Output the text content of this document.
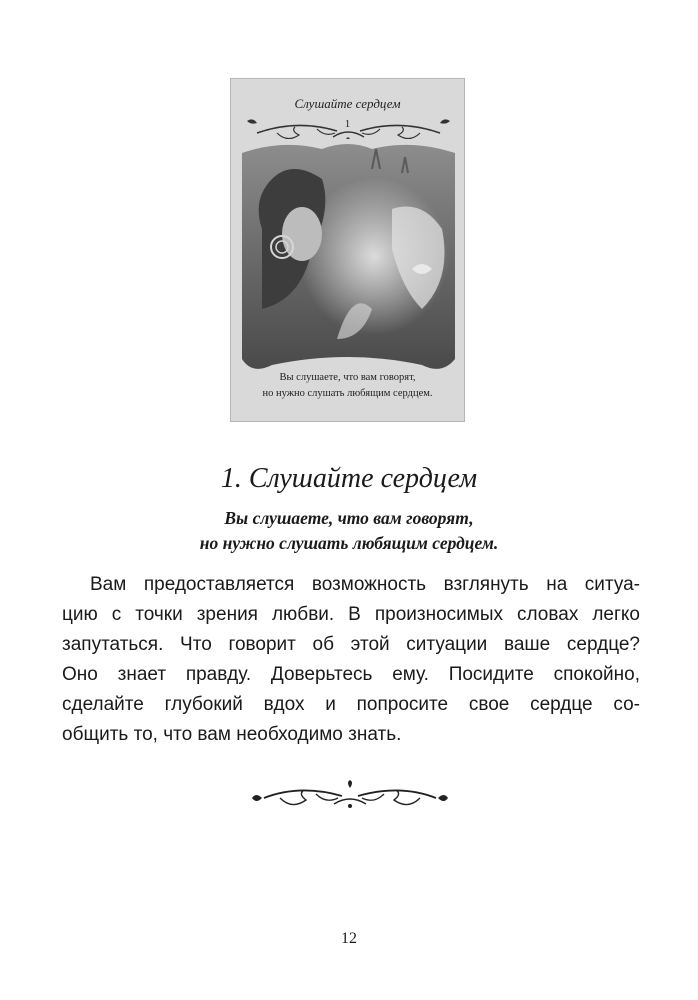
Слушайте сердцем
1
Вы слушаете, что вам говорят,
но нужно слушать любящим сердцем.
1. Слушайте сердцем
Вы слушаете, что вам говорят,
но нужно слушать любящим сердцем.
Вам предоставляется возможность взглянуть на ситуа-
цию с точки зрения любви. В произносимых словах легко
запутаться. Что говорит об этой ситуации ваше сердце?
Оно знает правду. Доверьтесь ему. Посидите спокойно,
сделайте глубокий вдох и попросите свое сердце со-
общить то, что вам необходимо знать.
12
